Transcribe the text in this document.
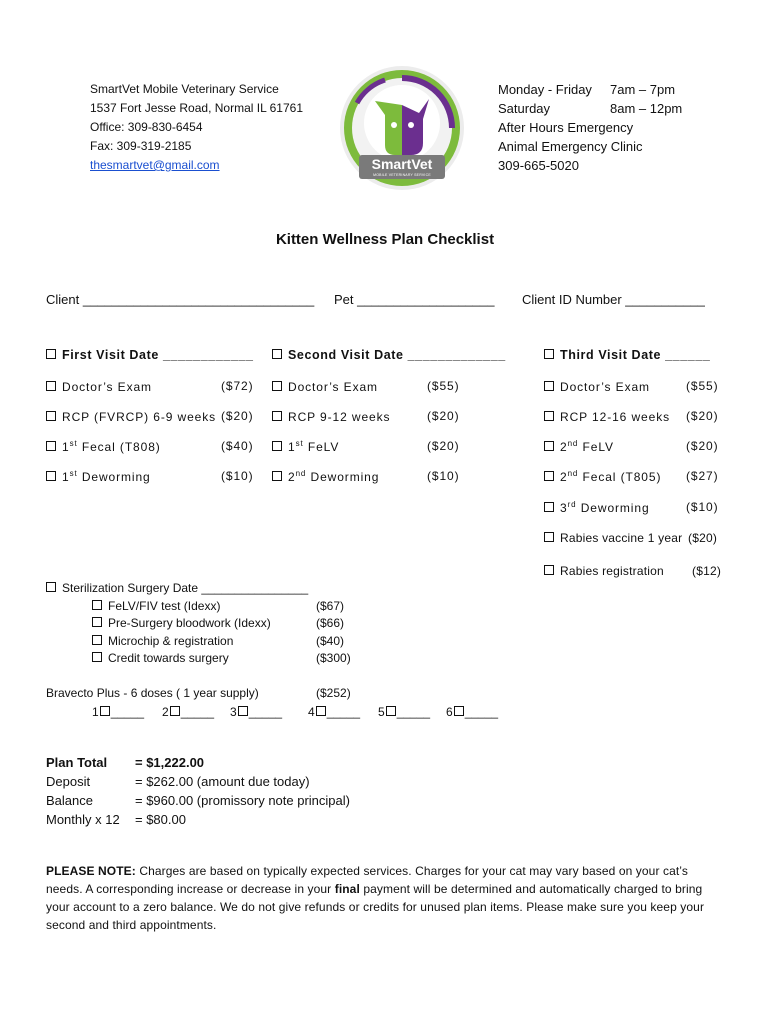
SmartVet Mobile Veterinary Service
1537 Fort Jesse Road, Normal IL 61761
Office: 309-830-6454
Fax: 309-319-2185
thesmartvet@gmail.com	SmartVet
MOBILE VETERINARY SERVICE
Monday - Friday	7am – 7pm
Saturday	8am – 12pm
After Hours Emergency
Animal Emergency Clinic
309-665-5020
Kitten Wellness Plan Checklist
Client ________________________________ Pet ___________________ Client ID Number ___________
First Visit Date ____________	Second Visit Date _____________	Third Visit Date ______
Doctor’s Exam	($72)
RCP (FVRCP) 6-9 weeks ($20)
1st Fecal (T808)	($40)
1st Deworming	($10)
Doctor’s Exam	($55)
RCP 9-12 weeks	($20)
1st FeLV	($20)
2nd Deworming	($10)
Doctor’s Exam	($55)
RCP 12-16 weeks ($20)
2nd FeLV	($20)
2nd Fecal (T805) ($27)
3rd Deworming	($10)
Rabies vaccine 1 year ($20)
Rabies registration ($12)
Sterilization Surgery Date ________________
FeLV/FIV test (Idexx)	($67)
Pre-Surgery bloodwork (Idexx)	($66)
Microchip & registration	($40)
Credit towards surgery	($300)
Bravecto Plus - 6 doses ( 1 year supply)	($252)
1 _____ 2 _____ 3 _____ 4 _____ 5 _____ 6 _____
Plan Total	= $1,222.00
Deposit	= $262.00 (amount due today)
Balance	= $960.00 (promissory note principal)
Monthly x 12	= $80.00
PLEASE NOTE: Charges are based on typically expected services. Charges for your cat may vary based on your cat’s needs. A corresponding increase or decrease in your final payment will be determined and automatically charged to bring your account to a zero balance. We do not give refunds or credits for unused plan items. Please make sure you keep your second and third appointments.
